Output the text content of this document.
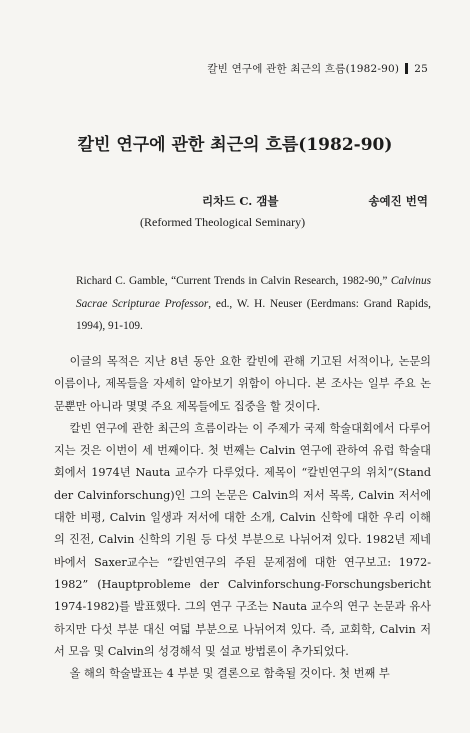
칼빈 연구에 관한 최근의 흐름(1982-90) 25
칼빈 연구에 관한 최근의 흐름(1982-90)
리차드 C. 갬블	송예진 번역
(Reformed Theological Seminary)

Richard C. Gamble, “Current Trends in Calvin Research, 1982-90,” Calvinus Sacrae Scripturae Professor, ed., W. H. Neuser (Eerdmans: Grand Rapids, 1994), 91-109.

이글의 목적은 지난 8년 동안 요한 칼빈에 관해 기고된 서적이나, 논문의 이름이나, 제목들을 자세히 알아보기 위함이 아니다. 본 조사는 일부 주요 논문뿐만 아니라 몇몇 주요 제목들에도 집중을 할 것이다.

칼빈 연구에 관한 최근의 흐름이라는 이 주제가 국제 학술대회에서 다루어지는 것은 이번이 세 번째이다. 첫 번째는 Calvin 연구에 관하여 유럽 학술대회에서 1974년 Nauta 교수가 다루었다. 제목이 “칼빈연구의 위치”(Stand der Calvinforschung)인 그의 논문은 Calvin의 저서 목록, Calvin 저서에 대한 비평, Calvin 일생과 저서에 대한 소개, Calvin 신학에 대한 우리 이해의 진전, Calvin 신학의 기원 등 다섯 부분으로 나뉘어져 있다. 1982년 제네바에서 Saxer교수는 “칼빈연구의 주된 문제점에 대한 연구보고: 1972-1982” (Hauptprobleme der Calvinforschung-Forschungsbericht 1974-1982)를 발표했다. 그의 연구 구조는 Nauta 교수의 연구 논문과 유사하지만 다섯 부분 대신 여덟 부분으로 나뉘어져 있다. 즉, 교회학, Calvin 저서 모음 및 Calvin의 성경해석 및 설교 방법론이 추가되었다.

올 해의 학술발표는 4 부분 및 결론으로 함축될 것이다. 첫 번째 부
